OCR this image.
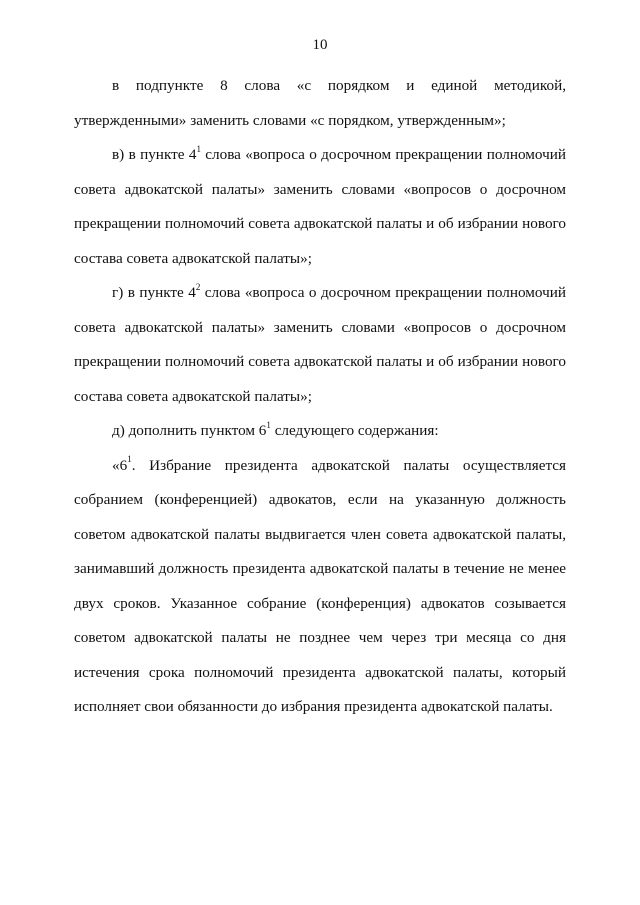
10

в подпункте 8 слова «с порядком и единой методикой, утвержденными» заменить словами «с порядком, утвержденным»;

в) в пункте $4^1$ слова «вопроса о досрочном прекращении полномочий совета адвокатской палаты» заменить словами «вопросов о досрочном прекращении полномочий совета адвокатской палаты и об избрании нового состава совета адвокатской палаты»;

г) в пункте $4^2$ слова «вопроса о досрочном прекращении полномочий совета адвокатской палаты» заменить словами «вопросов о досрочном прекращении полномочий совета адвокатской палаты и об избрании нового состава совета адвокатской палаты»;

д) дополнить пунктом $6^1$ следующего содержания:

«$6^1$. Избрание президента адвокатской палаты осуществляется собранием (конференцией) адвокатов, если на указанную должность советом адвокатской палаты выдвигается член совета адвокатской палаты, занимавший должность президента адвокатской палаты в течение не менее двух сроков. Указанное собрание (конференция) адвокатов созывается советом адвокатской палаты не позднее чем через три месяца со дня истечения срока полномочий президента адвокатской палаты, который исполняет свои обязанности до избрания президента адвокатской палаты.
